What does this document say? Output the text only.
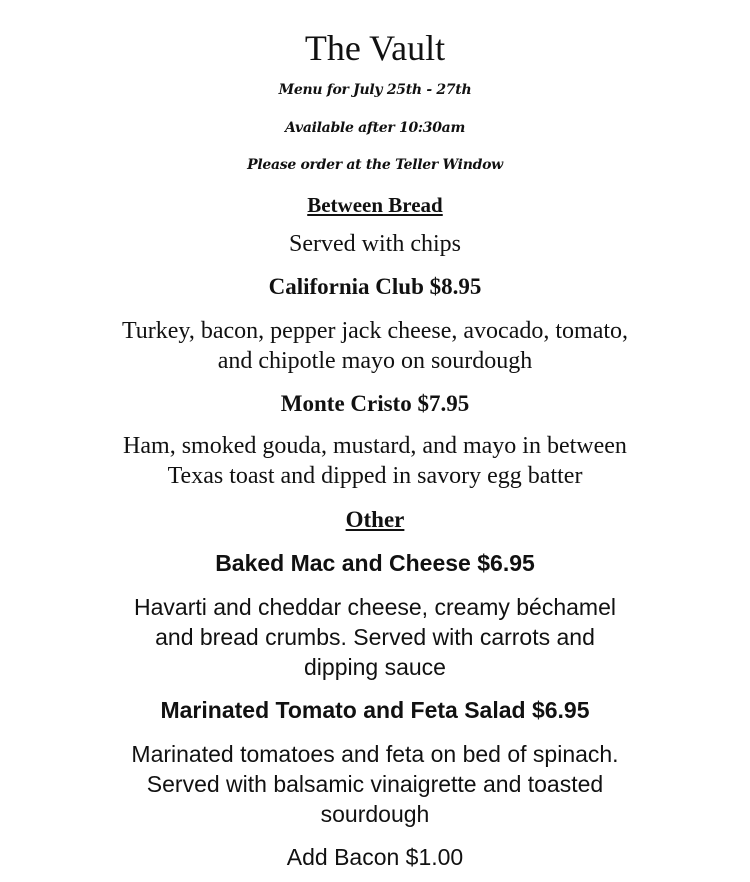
The Vault
Menu for July 25th - 27th
Available after 10:30am
Please order at the Teller Window
Between Bread
Served with chips
California Club $8.95
Turkey, bacon, pepper jack cheese, avocado, tomato,
and chipotle mayo on sourdough
Monte Cristo $7.95
Ham, smoked gouda, mustard, and mayo in between
Texas toast and dipped in savory egg batter
Other
Baked Mac and Cheese $6.95
Havarti and cheddar cheese, creamy béchamel
and bread crumbs. Served with carrots and
dipping sauce
Marinated Tomato and Feta Salad $6.95
Marinated tomatoes and feta on bed of spinach.
Served with balsamic vinaigrette and toasted
sourdough
Add Bacon $1.00
